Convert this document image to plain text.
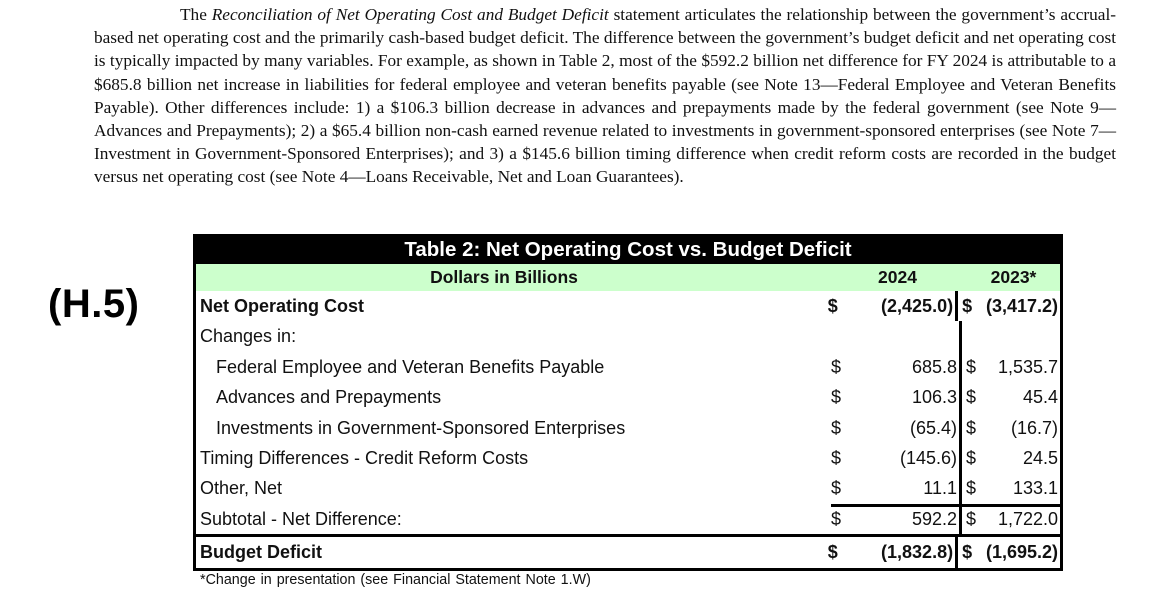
The Reconciliation of Net Operating Cost and Budget Deficit statement articulates the relationship between the government’s accrual-based net operating cost and the primarily cash-based budget deficit. The difference between the government’s budget deficit and net operating cost is typically impacted by many variables. For example, as shown in Table 2, most of the $592.2 billion net difference for FY 2024 is attributable to a $685.8 billion net increase in liabilities for federal employee and veteran benefits payable (see Note 13—Federal Employee and Veteran Benefits Payable). Other differences include: 1) a $106.3 billion decrease in advances and prepayments made by the federal government (see Note 9—Advances and Prepayments); 2) a $65.4 billion non-cash earned revenue related to investments in government-sponsored enterprises (see Note 7—Investment in Government-Sponsored Enterprises); and 3) a $145.6 billion timing difference when credit reform costs are recorded in the budget versus net operating cost (see Note 4—Loans Receivable, Net and Loan Guarantees).
(H.5)
Table 2: Net Operating Cost vs. Budget Deficit
Dollars in Billions	2024	2023*
Net Operating Cost	$	(2,425.0) $ (3,417.2)
Changes in:
Federal Employee and Veteran Benefits Payable	$	685.8 $	1,535.7
Advances and Prepayments	$	106.3 $	45.4
Investments in Government-Sponsored Enterprises	$	(65.4) $	(16.7)
Timing Differences - Credit Reform Costs	$	(145.6) $	24.5
Other, Net	$	11.1 $	133.1
Subtotal - Net Difference:	$	592.2 $	1,722.0
Budget Deficit	$	(1,832.8) $ (1,695.2)
*Change in presentation (see Financial Statement Note 1.W)
